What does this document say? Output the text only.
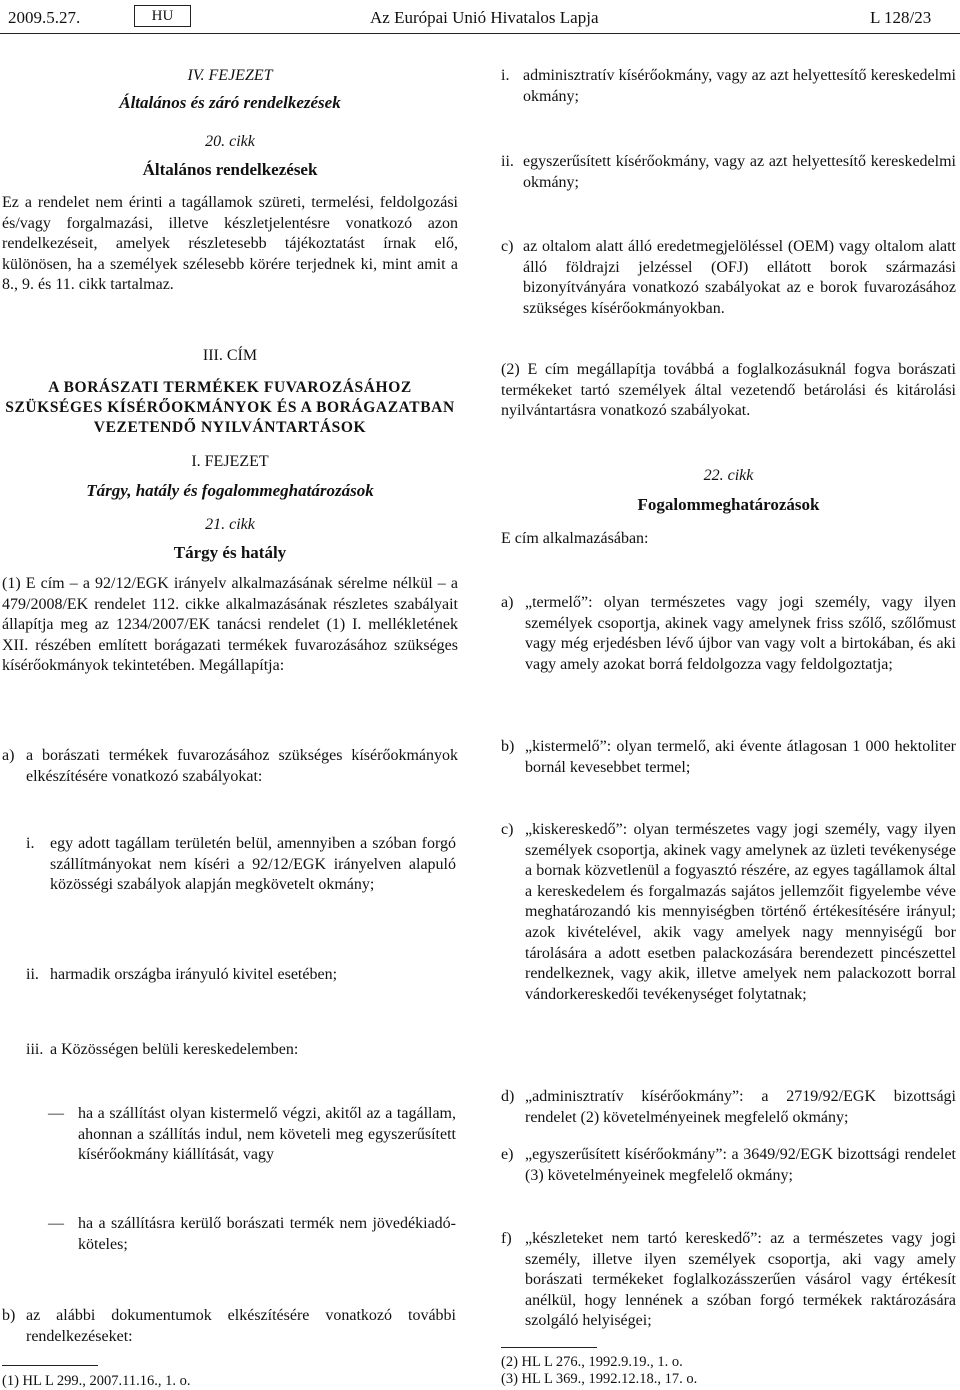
2009.5.27.	HU	Az Európai Unió Hivatalos Lapja	L 128/23
IV. FEJEZET
Általános és záró rendelkezések
20. cikk
Általános rendelkezések
Ez a rendelet nem érinti a tagállamok szüreti, termelési, feldolgozási és/vagy forgalmazási, illetve készletjelentésre vonatkozó azon rendelkezéseit, amelyek részletesebb tájékoztatást írnak elő, különösen, ha a személyek szélesebb körére terjednek ki, mint amit a 8., 9. és 11. cikk tartalmaz.
III. CÍM
A BORÁSZATI TERMÉKEK FUVAROZÁSÁHOZ SZÜKSÉGES KÍSÉRŐOKMÁNYOK ÉS A BORÁGAZATBAN VEZETENDŐ NYILVÁNTARTÁSOK
I. FEJEZET
Tárgy, hatály és fogalommeghatározások
21. cikk
Tárgy és hatály
(1) E cím – a 92/12/EGK irányelv alkalmazásának sérelme nélkül – a 479/2008/EK rendelet 112. cikke alkalmazásának részletes szabályait állapítja meg az 1234/2007/EK tanácsi rendelet (1) I. mellékletének XII. részében említett borágazati termékek fuvarozásához szükséges kísérőokmányok tekintetében. Megállapítja:
a) a borászati termékek fuvarozásához szükséges kísérőokmányok elkészítésére vonatkozó szabályokat:
i. egy adott tagállam területén belül, amennyiben a szóban forgó szállítmányokat nem kíséri a 92/12/EGK irányelven alapuló közösségi szabályok alapján megkövetelt okmány;
ii. harmadik országba irányuló kivitel esetében;
iii. a Közösségen belüli kereskedelemben:
— ha a szállítást olyan kistermelő végzi, akitől az a tagállam, ahonnan a szállítás indul, nem követeli meg egyszerűsített kísérőokmány kiállítását, vagy
— ha a szállításra kerülő borászati termék nem jövedékiadó-köteles;
b) az alábbi dokumentumok elkészítésére vonatkozó további rendelkezéseket:
(1) HL L 299., 2007.11.16., 1. o.
i. adminisztratív kísérőokmány, vagy az azt helyettesítő kereskedelmi okmány;
ii. egyszerűsített kísérőokmány, vagy az azt helyettesítő kereskedelmi okmány;
c) az oltalom alatt álló eredetmegjelöléssel (OEM) vagy oltalom alatt álló földrajzi jelzéssel (OFJ) ellátott borok származási bizonyítványára vonatkozó szabályokat az e borok fuvarozásához szükséges kísérőokmányokban.
(2) E cím megállapítja továbbá a foglalkozásuknál fogva borászati termékeket tartó személyek által vezetendő betárolási és kitárolási nyilvántartásra vonatkozó szabályokat.
22. cikk
Fogalommeghatározások
E cím alkalmazásában:
a) „termelő”: olyan természetes vagy jogi személy, vagy ilyen személyek csoportja, akinek vagy amelynek friss szőlő, szőlőmust vagy még erjedésben lévő újbor van vagy volt a birtokában, és aki vagy amely azokat borrá feldolgozza vagy feldolgoztatja;
b) „kistermelő”: olyan termelő, aki évente átlagosan 1 000 hektoliter bornál kevesebbet termel;
c) „kiskereskedő”: olyan természetes vagy jogi személy, vagy ilyen személyek csoportja, akinek vagy amelynek az üzleti tevékenysége a bornak közvetlenül a fogyasztó részére, az egyes tagállamok által a kereskedelem és forgalmazás sajátos jellemzőit figyelembe véve meghatározandó kis mennyiségben történő értékesítésére irányul; azok kivételével, akik vagy amelyek nagy mennyiségű bor tárolására a adott esetben palackozására berendezett pincészettel rendelkeznek, vagy akik, illetve amelyek nem palackozott borral vándorkereskedői tevékenységet folytatnak;
d) „adminisztratív kísérőokmány”: a 2719/92/EGK bizottsági rendelet (2) követelményeinek megfelelő okmány;
e) „egyszerűsített kísérőokmány”: a 3649/92/EGK bizottsági rendelet (3) követelményeinek megfelelő okmány;
f) „készleteket nem tartó kereskedő”: az a természetes vagy jogi személy, illetve ilyen személyek csoportja, aki vagy amely borászati termékeket foglalkozásszerűen vásárol vagy értékesít anélkül, hogy lennének a szóban forgó termékek raktározására szolgáló helyiségei;
(2) HL L 276., 1992.9.19., 1. o.
(3) HL L 369., 1992.12.18., 17. o.
